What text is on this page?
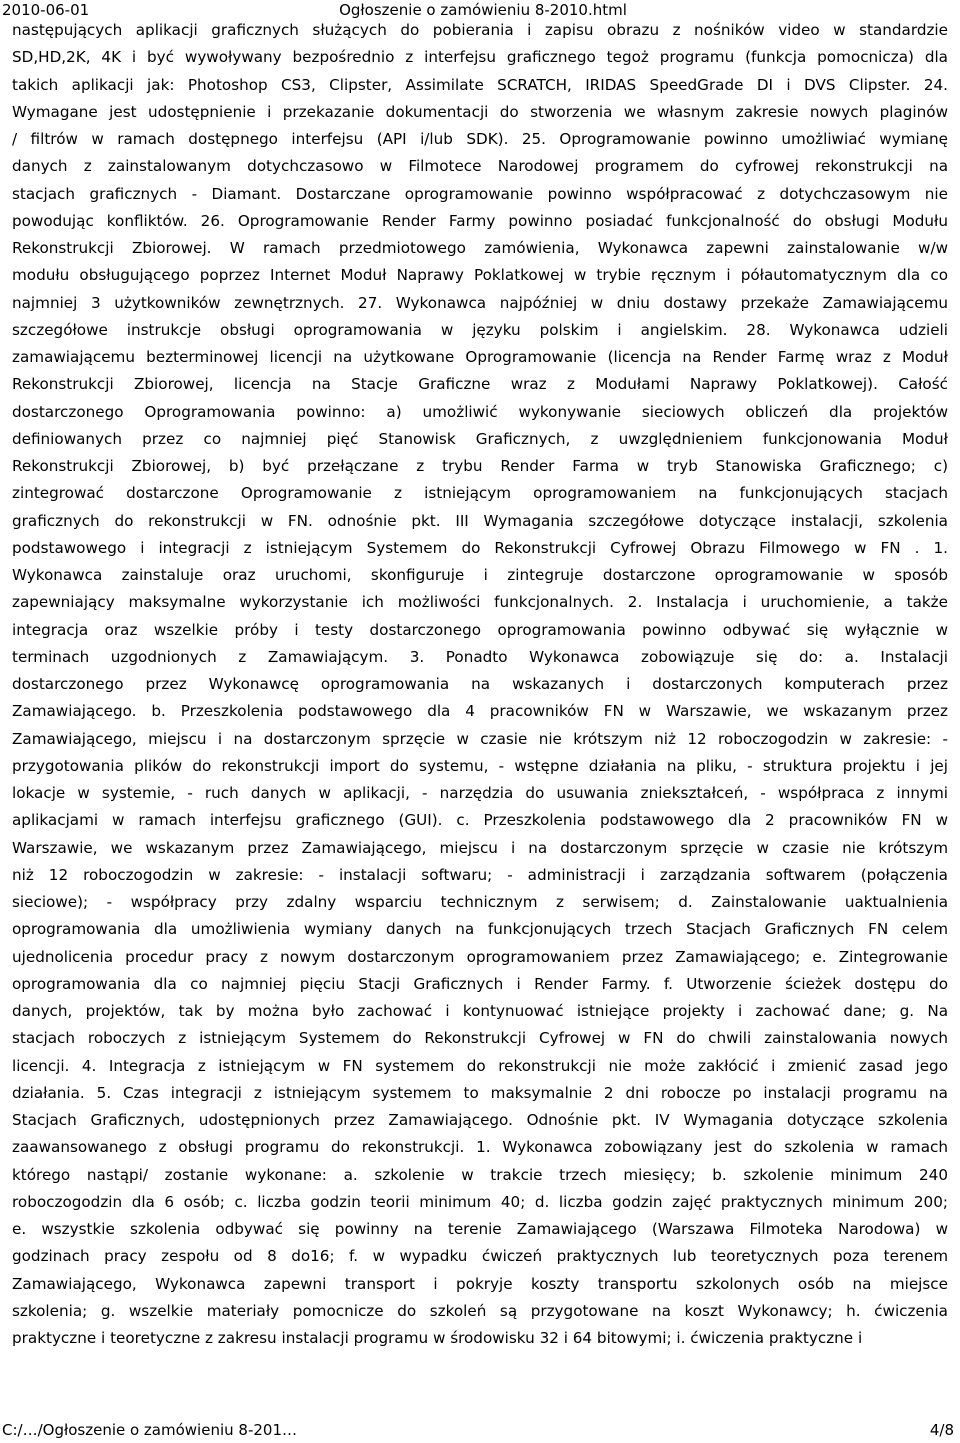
2010-06-01	Ogłoszenie o zamówieniu 8-2010.html
następujących aplikacji graficznych służących do pobierania i zapisu obrazu z nośników video w standardzie
SD,HD,2K, 4K i być wywoływany bezpośrednio z interfejsu graficznego tegoż programu (funkcja pomocnicza) dla
takich aplikacji jak: Photoshop CS3, Clipster, Assimilate SCRATCH, IRIDAS SpeedGrade DI i DVS Clipster. 24.
Wymagane jest udostępnienie i przekazanie dokumentacji do stworzenia we własnym zakresie nowych plaginów
/ filtrów w ramach dostępnego interfejsu (API i/lub SDK). 25. Oprogramowanie powinno umożliwiać wymianę
danych z zainstalowanym dotychczasowo w Filmotece Narodowej programem do cyfrowej rekonstrukcji na
stacjach graficznych - Diamant. Dostarczane oprogramowanie powinno współpracować z dotychczasowym nie
powodując konfliktów. 26. Oprogramowanie Render Farmy powinno posiadać funkcjonalność do obsługi Modułu
Rekonstrukcji Zbiorowej. W ramach przedmiotowego zamówienia, Wykonawca zapewni zainstalowanie w/w
modułu obsługującego poprzez Internet Moduł Naprawy Poklatkowej w trybie ręcznym i półautomatycznym dla co
najmniej 3 użytkowników zewnętrznych. 27. Wykonawca najpóźniej w dniu dostawy przekaże Zamawiającemu
szczegółowe instrukcje obsługi oprogramowania w języku polskim i angielskim. 28. Wykonawca udzieli
zamawiającemu bezterminowej licencji na użytkowane Oprogramowanie (licencja na Render Farmę wraz z Moduł
Rekonstrukcji Zbiorowej, licencja na Stacje Graficzne wraz z Modułami Naprawy Poklatkowej). Całość
dostarczonego Oprogramowania powinno: a) umożliwić wykonywanie sieciowych obliczeń dla projektów
definiowanych przez co najmniej pięć Stanowisk Graficznych, z uwzględnieniem funkcjonowania Moduł
Rekonstrukcji Zbiorowej, b) być przełączane z trybu Render Farma w tryb Stanowiska Graficznego; c)
zintegrować dostarczone Oprogramowanie z istniejącym oprogramowaniem na funkcjonujących stacjach
graficznych do rekonstrukcji w FN. odnośnie pkt. III Wymagania szczegółowe dotyczące instalacji, szkolenia
podstawowego i integracji z istniejącym Systemem do Rekonstrukcji Cyfrowej Obrazu Filmowego w FN . 1.
Wykonawca zainstaluje oraz uruchomi, skonfiguruje i zintegruje dostarczone oprogramowanie w sposób
zapewniający maksymalne wykorzystanie ich możliwości funkcjonalnych. 2. Instalacja i uruchomienie, a także
integracja oraz wszelkie próby i testy dostarczonego oprogramowania powinno odbywać się wyłącznie w
terminach uzgodnionych z Zamawiającym. 3. Ponadto Wykonawca zobowiązuje się do: a. Instalacji
dostarczonego przez Wykonawcę oprogramowania na wskazanych i dostarczonych komputerach przez
Zamawiającego. b. Przeszkolenia podstawowego dla 4 pracowników FN w Warszawie, we wskazanym przez
Zamawiającego, miejscu i na dostarczonym sprzęcie w czasie nie krótszym niż 12 roboczogodzin w zakresie: -
przygotowania plików do rekonstrukcji import do systemu, - wstępne działania na pliku, - struktura projektu i jej
lokacje w systemie, - ruch danych w aplikacji, - narzędzia do usuwania zniekształceń, - współpraca z innymi
aplikacjami w ramach interfejsu graficznego (GUI). c. Przeszkolenia podstawowego dla 2 pracowników FN w
Warszawie, we wskazanym przez Zamawiającego, miejscu i na dostarczonym sprzęcie w czasie nie krótszym
niż 12 roboczogodzin w zakresie: - instalacji softwaru; - administracji i zarządzania softwarem (połączenia
sieciowe); - współpracy przy zdalny wsparciu technicznym z serwisem; d. Zainstalowanie uaktualnienia
oprogramowania dla umożliwienia wymiany danych na funkcjonujących trzech Stacjach Graficznych FN celem
ujednolicenia procedur pracy z nowym dostarczonym oprogramowaniem przez Zamawiającego; e. Zintegrowanie
oprogramowania dla co najmniej pięciu Stacji Graficznych i Render Farmy. f. Utworzenie ścieżek dostępu do
danych, projektów, tak by można było zachować i kontynuować istniejące projekty i zachować dane; g. Na
stacjach roboczych z istniejącym Systemem do Rekonstrukcji Cyfrowej w FN do chwili zainstalowania nowych
licencji. 4. Integracja z istniejącym w FN systemem do rekonstrukcji nie może zakłócić i zmienić zasad jego
działania. 5. Czas integracji z istniejącym systemem to maksymalnie 2 dni robocze po instalacji programu na
Stacjach Graficznych, udostępnionych przez Zamawiającego. Odnośnie pkt. IV Wymagania dotyczące szkolenia
zaawansowanego z obsługi programu do rekonstrukcji. 1. Wykonawca zobowiązany jest do szkolenia w ramach
którego nastąpi/ zostanie wykonane: a. szkolenie w trakcie trzech miesięcy; b. szkolenie minimum 240
roboczogodzin dla 6 osób; c. liczba godzin teorii minimum 40; d. liczba godzin zajęć praktycznych minimum 200;
e. wszystkie szkolenia odbywać się powinny na terenie Zamawiającego (Warszawa Filmoteka Narodowa) w
godzinach pracy zespołu od 8 do16; f. w wypadku ćwiczeń praktycznych lub teoretycznych poza terenem
Zamawiającego, Wykonawca zapewni transport i pokryje koszty transportu szkolonych osób na miejsce
szkolenia; g. wszelkie materiały pomocnicze do szkoleń są przygotowane na koszt Wykonawcy; h. ćwiczenia
praktyczne i teoretyczne z zakresu instalacji programu w środowisku 32 i 64 bitowymi; i. ćwiczenia praktyczne i
C:/…/Ogłoszenie o zamówieniu 8-201…	4/8
